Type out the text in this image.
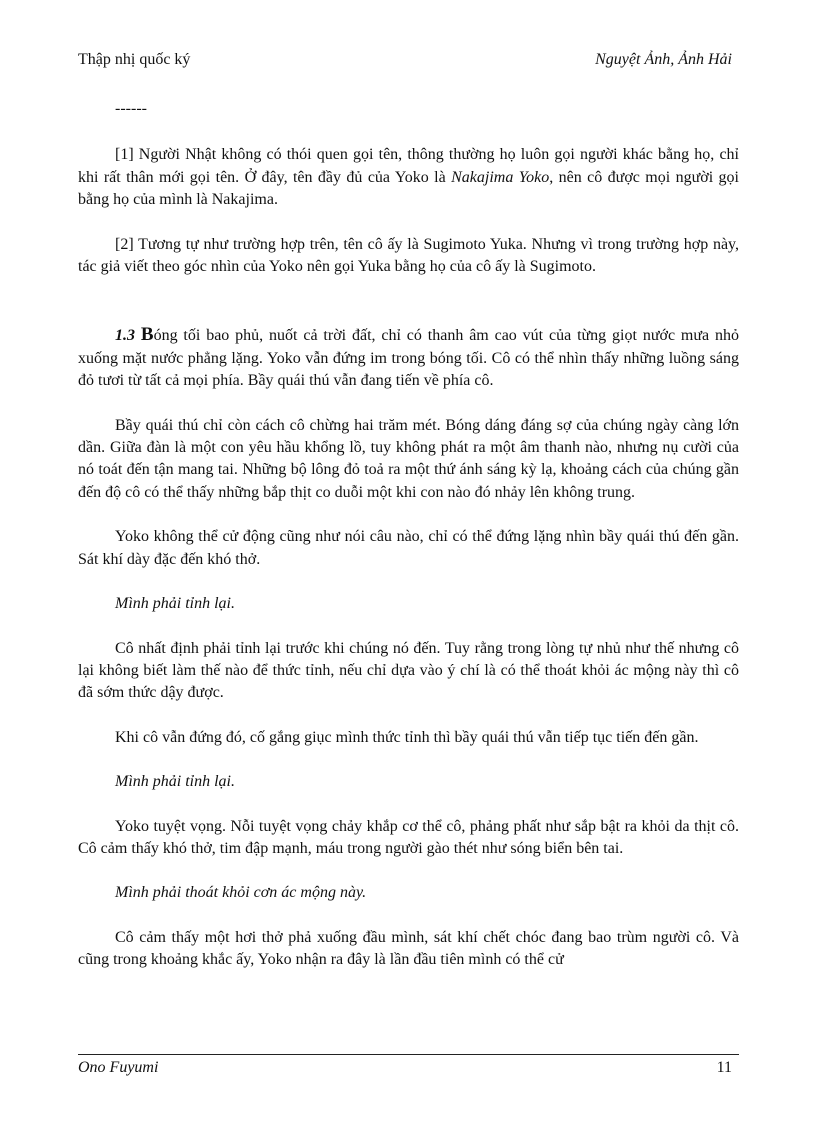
Thập nhị quốc ký	Nguyệt Ảnh, Ảnh Hải

------

[1] Người Nhật không có thói quen gọi tên, thông thường họ luôn gọi người khác bằng họ, chỉ khi rất thân mới gọi tên. Ở đây, tên đầy đủ của Yoko là Nakajima Yoko, nên cô được mọi người gọi bằng họ của mình là Nakajima.

[2] Tương tự như trường hợp trên, tên cô ấy là Sugimoto Yuka. Nhưng vì trong trường hợp này, tác giả viết theo góc nhìn của Yoko nên gọi Yuka bằng họ của cô ấy là Sugimoto.

1.3 Bóng tối bao phủ, nuốt cả trời đất, chỉ có thanh âm cao vút của từng giọt nước mưa nhỏ xuống mặt nước phẳng lặng. Yoko vẫn đứng im trong bóng tối. Cô có thể nhìn thấy những luồng sáng đỏ tươi từ tất cả mọi phía. Bầy quái thú vẫn đang tiến về phía cô.

Bầy quái thú chỉ còn cách cô chừng hai trăm mét. Bóng dáng đáng sợ của chúng ngày càng lớn dần. Giữa đàn là một con yêu hầu khổng lồ, tuy không phát ra một âm thanh nào, nhưng nụ cười của nó toát đến tận mang tai. Những bộ lông đỏ toả ra một thứ ánh sáng kỳ lạ, khoảng cách của chúng gần đến độ cô có thể thấy những bắp thịt co duỗi một khi con nào đó nhảy lên không trung.

Yoko không thể cử động cũng như nói câu nào, chỉ có thể đứng lặng nhìn bầy quái thú đến gần. Sát khí dày đặc đến khó thở.

Mình phải tỉnh lại.

Cô nhất định phải tỉnh lại trước khi chúng nó đến. Tuy rằng trong lòng tự nhủ như thế nhưng cô lại không biết làm thế nào để thức tỉnh, nếu chỉ dựa vào ý chí là có thể thoát khỏi ác mộng này thì cô đã sớm thức dậy được.

Khi cô vẫn đứng đó, cố gắng giục mình thức tỉnh thì bầy quái thú vẫn tiếp tục tiến đến gần.

Mình phải tỉnh lại.

Yoko tuyệt vọng. Nỗi tuyệt vọng chảy khắp cơ thể cô, phảng phất như sắp bật ra khỏi da thịt cô. Cô cảm thấy khó thở, tim đập mạnh, máu trong người gào thét như sóng biển bên tai.

Mình phải thoát khỏi cơn ác mộng này.

Cô cảm thấy một hơi thở phả xuống đầu mình, sát khí chết chóc đang bao trùm người cô. Và cũng trong khoảng khắc ấy, Yoko nhận ra đây là lần đầu tiên mình có thể cử

Ono Fuyumi	11
